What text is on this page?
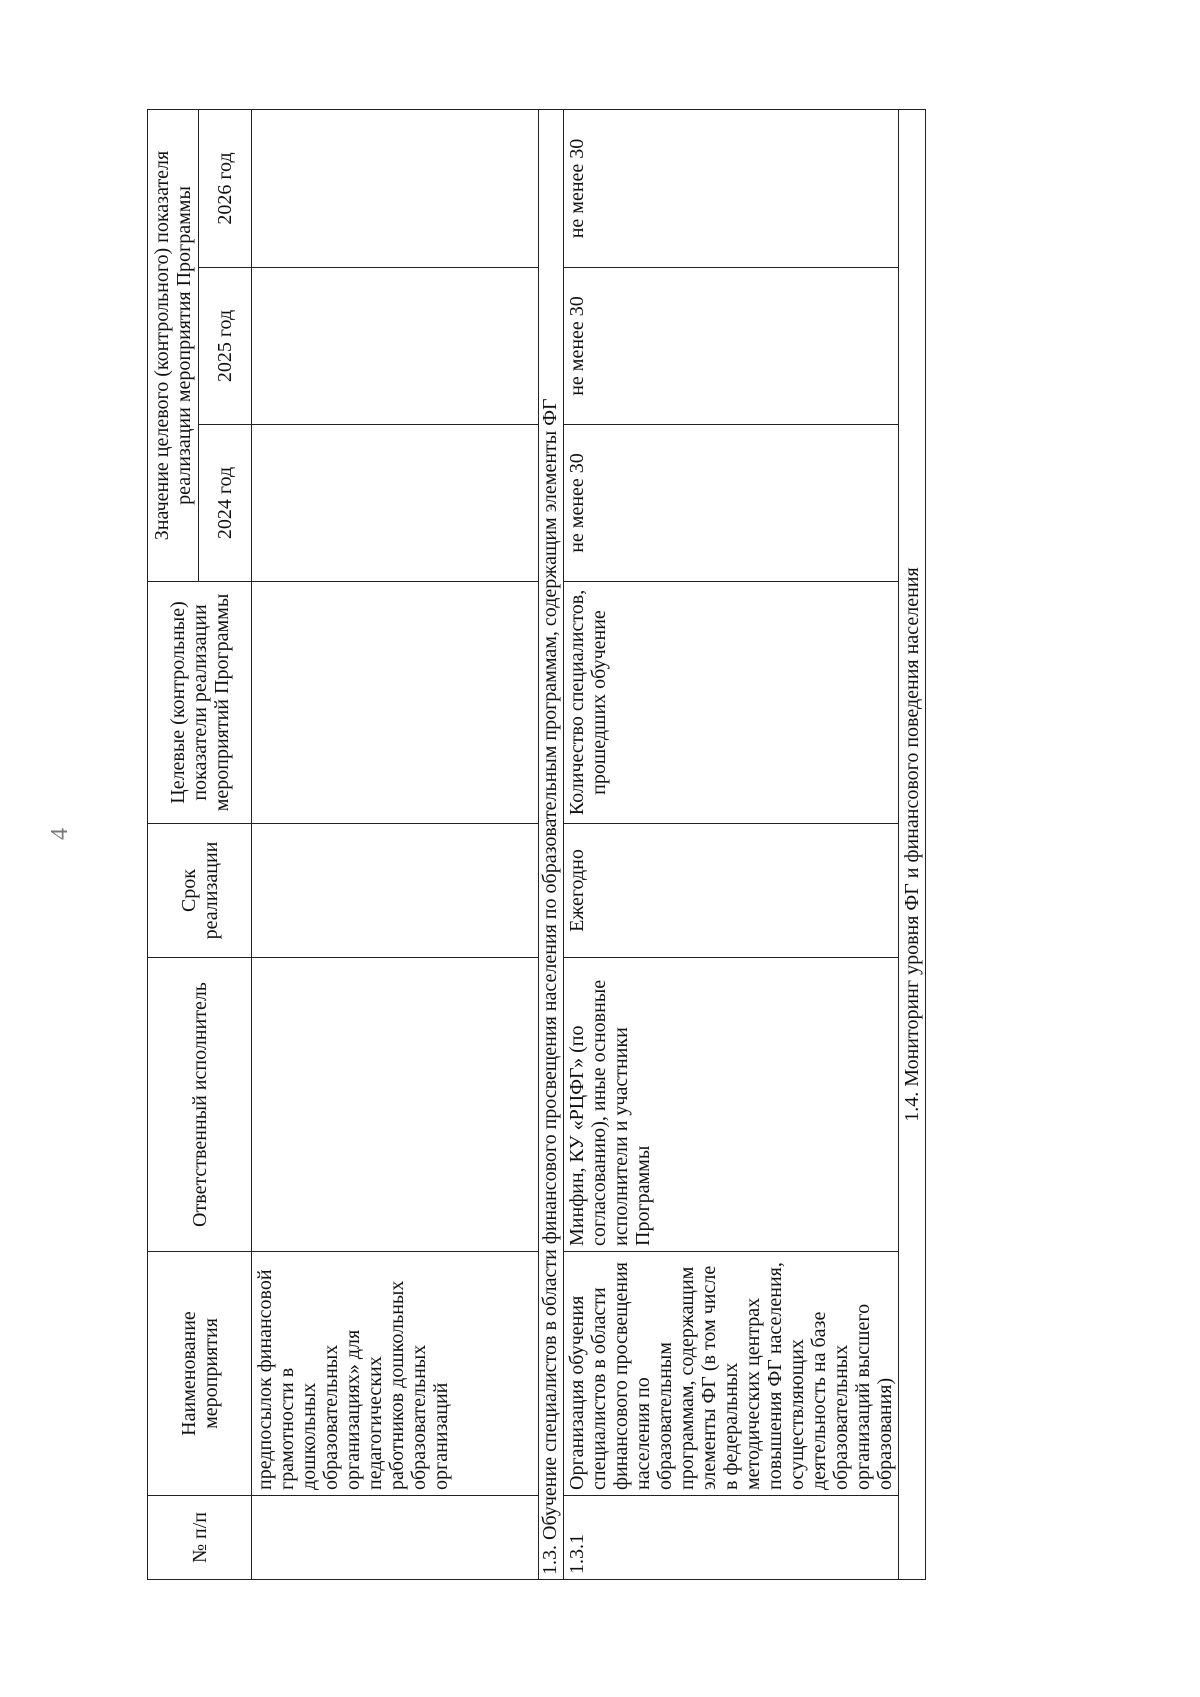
4
№ п/п	Наименование мероприятия	Ответственный исполнитель	Срок реализации	Целевые (контрольные) показатели реализации мероприятий Программы	Значение целевого (контрольного) показателя реализации мероприятия Программы		
					2024 год	2025 год	2026 год
	предпосылок финансовой грамотности в дошкольных образовательных организациях» для педагогических работников дошкольных образовательных организаций						
1.3. Обучение специалистов в области финансового просвещения населения по образовательным программам, содержащим элементы ФГ							
1.3.1	Организация обучения специалистов в области финансового просвещения населения по образовательным программам, содержащим элементы ФГ (в том числе в федеральных методических центрах повышения ФГ населения, осуществляющих деятельность на базе образовательных организаций высшего образования)	Минфин, КУ «РЦФГ» (по согласованию), иные основные исполнители и участники Программы	Ежегодно	Количество специалистов, прошедших обучение	не менее 30	не менее 30	не менее 30
1.4. Мониторинг уровня ФГ и финансового поведения населения							
